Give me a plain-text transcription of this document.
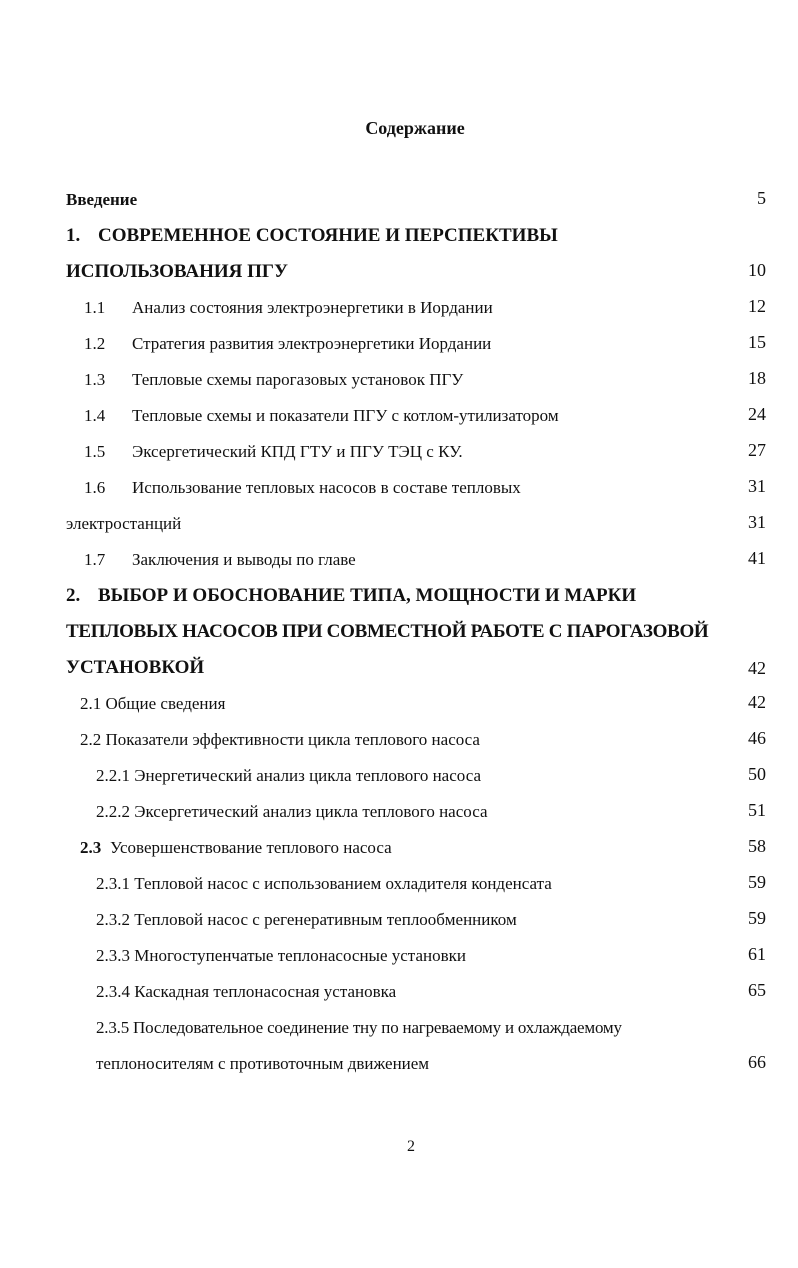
Содержание
Введение	5
1. СОВРЕМЕННОЕ СОСТОЯНИЕ И ПЕРСПЕКТИВЫ
ИСПОЛЬЗОВАНИЯ ПГУ	10
1.1 Анализ состояния электроэнергетики в Иордании	12
1.2 Стратегия развития электроэнергетики Иордании	15
1.3 Тепловые схемы парогазовых установок ПГУ	18
1.4 Тепловые схемы и показатели ПГУ с котлом-утилизатором	24
1.5 Эксергетический КПД ГТУ и ПГУ ТЭЦ с КУ.	27
1.6 Использование тепловых насосов в составе тепловых	31
электростанций	31
1.7 Заключения и выводы по главе	41
2. ВЫБОР И ОБОСНОВАНИЕ ТИПА, МОЩНОСТИ И МАРКИ
ТЕПЛОВЫХ НАСОСОВ ПРИ СОВМЕСТНОЙ РАБОТЕ С ПАРОГАЗОВОЙ
УСТАНОВКОЙ	42
2.1 Общие сведения	42
2.2 Показатели эффективности цикла теплового насоса	46
2.2.1 Энергетический анализ цикла теплового насоса	50
2.2.2 Эксергетический анализ цикла теплового насоса	51
2.3 Усовершенствование теплового насоса	58
2.3.1 Тепловой насос с использованием охладителя конденсата	59
2.3.2 Тепловой насос с регенеративным теплообменником	59
2.3.3 Многоступенчатые теплонасосные установки	61
2.3.4 Каскадная теплонасосная установка	65
2.3.5 Последовательное соединение тну по нагреваемому и охлаждаемому
теплоносителям с противоточным движением	66
2
